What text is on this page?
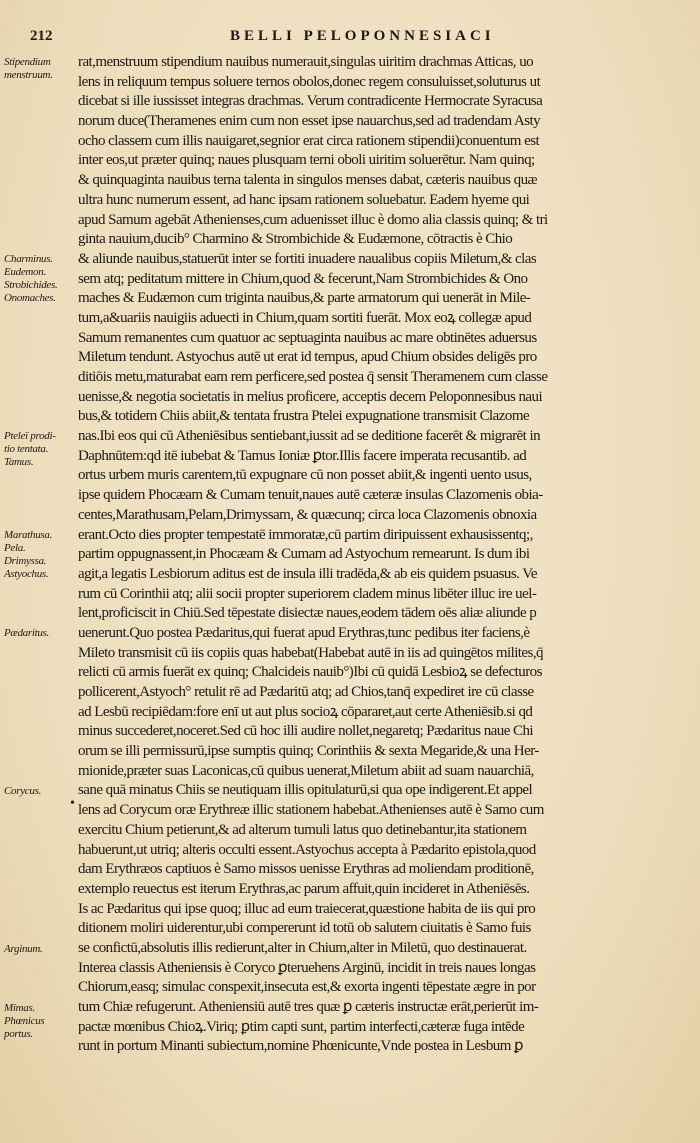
212	BELLI PELOPONNESIACI
Stipendium
menstruum.
Charminus.
Eudemon.
Strobichides.
Onomaches.
Pteleï prodi-
tio tentata.
Tamus.
Marathusa.
Pela.
Drimyssa.
Astyochus.
Pædaritus.
Corycus.
Arginum.
Mimas.
Phœnicus
portus.
rat,menstruum stipendium nauibus numerauit,singulas uiritim drachmas Atticas, uo
lens in reliquum tempus soluere ternos obolos,donec regem consuluisset,soluturus ut
dicebat si ille iussisset integras drachmas. Verum contradicente Hermocrate Syracusa
norum duce(Theramenes enim cum non esset ipse nauarchus,sed ad tradendam Asty
ocho classem cum illis nauigaret,segnior erat circa rationem stipendii)conuentum est
inter eos,ut præter quinq; naues plusquam terni oboli uiritim soluerētur. Nam quinq;
& quinquaginta nauibus terna talenta in singulos menses dabat, cæteris nauibus quæ
ultra hunc numerum essent, ad hanc ipsam rationem soluebatur. Eadem hyeme qui
apud Samum agebāt Athenienses,cum aduenisset illuc è domo alia classis quinq; & tri
ginta nauium,ducib° Charmino & Strombichide & Eudæmone, cōtractis è Chio
& aliunde nauibus,statuerūt inter se fortiti inuadere naualibus copiis Miletum,& clas
sem atq; peditatum mittere in Chium,quod & fecerunt,Nam Strombichides & Ono
maches & Eudæmon cum triginta nauibus,& parte armatorum qui uenerāt in Mile-
tum,a&uariis nauigiis aduecti in Chium,quam sortiti fuerāt. Mox eoꝝ collegæ apud
Samum remanentes cum quatuor ac septuaginta nauibus ac mare obtinētes aduersus
Miletum tendunt. Astyochus autē ut erat id tempus, apud Chium obsides deligēs pro
ditiōis metu,maturabat eam rem perficere,sed postea q̄ sensit Theramenem cum classe
uenisse,& negotia societatis in melius proficere, acceptis decem Peloponnesibus naui
bus,& totidem Chiis abiit,& tentata frustra Ptelei expugnatione transmisit Clazome
nas.Ibi eos qui cū Atheniēsibus sentiebant,iussit ad se deditione facerēt & migrarēt in
Daphnūtem:qd itē iubebat & Tamus Ioniæ ꝑtor.Illis facere imperata recusantib. ad
ortus urbem muris carentem,tū expugnare cū non posset abiit,& ingenti uento usus,
ipse quidem Phocæam & Cumam tenuit,naues autē cæteræ insulas Clazomenis obia-
centes,Marathusam,Pelam,Drimyssam, & quæcunq; circa loca Clazomenis obnoxia
erant.Octo dies propter tempestatē immoratæ,cū partim diripuissent exhausissentq;,
partim oppugnassent,in Phocæam & Cumam ad Astyochum remearunt. Is dum ibi
agit,a legatis Lesbiorum aditus est de insula illi tradēda,& ab eis quidem psuasus. Ve
rum cū Corinthii atq; alii socii propter superiorem cladem minus libēter illuc ire uel-
lent,proficiscit in Chiū.Sed tēpestate disiectæ naues,eodem tādem oēs aliæ aliunde p
uenerunt.Quo postea Pædaritus,qui fuerat apud Erythras,tunc pedibus iter faciens,è
Mileto transmisit cū iis copiis quas habebat(Habebat autē in iis ad quingētos milites,q̄
relicti cū armis fuerāt ex quinq; Chalcideis nauib°)Ibi cū quidā Lesbioꝝ se defecturos
pollicerent,Astyoch° retulit rē ad Pædaritū atq; ad Chios,tanq̄ expediret ire cū classe
ad Lesbū recipiēdam:fore enī ut aut plus socioꝝ cōpararet,aut certe Atheniēsib.si qd
minus succederet,noceret.Sed cū hoc illi audire nollet,negaretq; Pædaritus naue Chi
orum se illi permissurū,ipse sumptis quinq; Corinthiis & sexta Megaride,& una Her-
mionide,præter suas Laconicas,cū quibus uenerat,Miletum abiit ad suam nauarchiā,
sane quā minatus Chiis se neutiquam illis opitulaturū,si qua ope indigerent.Et appel
lens ad Corycum oræ Erythreæ illic stationem habebat.Athenienses autē è Samo cum
exercitu Chium petierunt,& ad alterum tumuli latus quo detinebantur,ita stationem
habuerunt,ut utriq; alteris occulti essent.Astyochus accepta à Pædarito epistola,quod
dam Erythræos captiuos è Samo missos uenisse Erythras ad moliendam proditionē,
extemplo reuectus est iterum Erythras,ac parum affuit,quin incideret in Atheniēsēs.
Is ac Pædaritus qui ipse quoq; illuc ad eum traiecerat,quæstione habita de iis qui pro
ditionem moliri uiderentur,ubi compererunt id totū ob salutem ciuitatis è Samo fuis
se confictū,absolutis illis redierunt,alter in Chium,alter in Miletū, quo destinauerat.
Interea classis Atheniensis è Coryco ꝑteruehens Arginū, incidit in treis naues longas
Chiorum,easq; simulac conspexit,insecuta est,& exorta ingenti tēpestate ægre in por
tum Chiæ refugerunt. Atheniensiū autē tres quæ ꝑ cæteris instructæ erāt,perierūt im-
pactæ mœnibus Chioꝝ.Viriq; ꝑtim capti sunt, partim interfecti,cæteræ fuga intēde
runt in portum Minanti subiectum,nomine Phœnicunte,Vnde postea in Lesbum ꝑ
•
